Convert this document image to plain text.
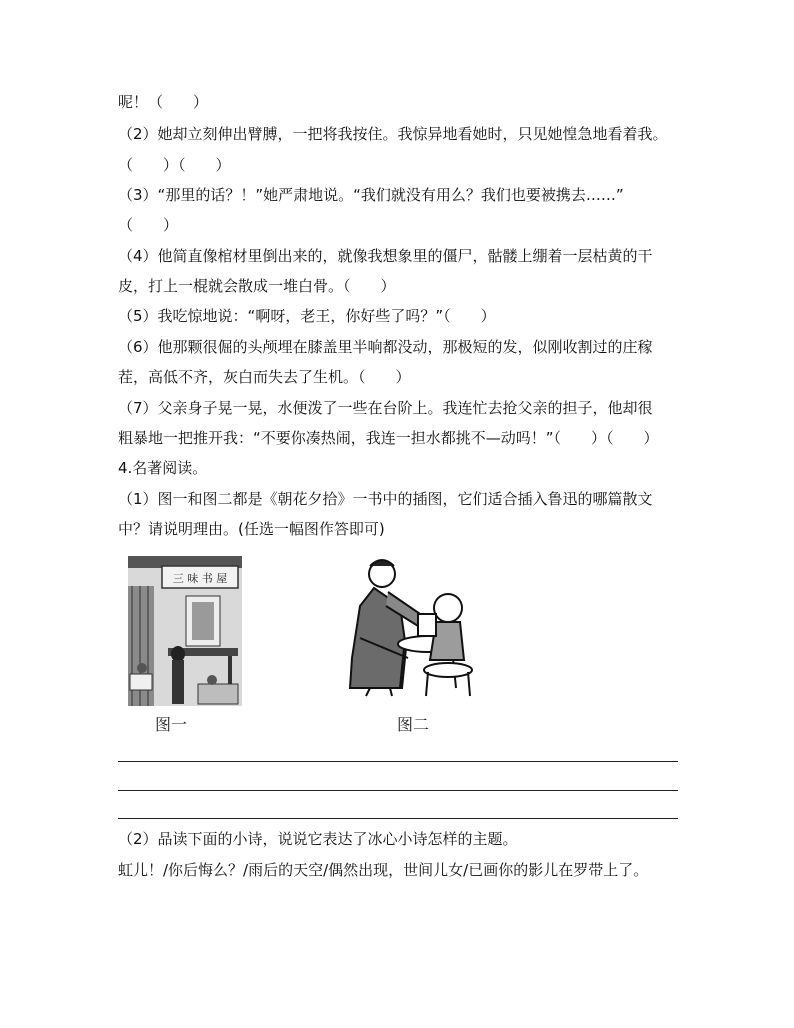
呢！（　　）
（2）她却立刻伸出臂膊，一把将我按住。我惊异地看她时，只见她惶急地看着我。
（　　）（　　）
（3）“那里的话？！”她严肃地说。“我们就没有用么？我们也要被携去……”
（　　）
（4）他简直像棺材里倒出来的，就像我想象里的僵尸，骷髅上绷着一层枯黄的干
皮，打上一棍就会散成一堆白骨。（　　）
（5）我吃惊地说：“啊呀，老王，你好些了吗？”（　　）
（6）他那颗很倔的头颅埋在膝盖里半响都没动，那极短的发，似刚收割过的庄稼
茬，高低不齐，灰白而失去了生机。（　　）
（7）父亲身子晃一晃，水便泼了一些在台阶上。我连忙去抢父亲的担子，他却很
粗暴地一把推开我：“不要你凑热闹，我连一担水都挑不—动吗！”（　　）（　　）
4.名著阅读。
（1）图一和图二都是《朝花夕拾》一书中的插图，它们适合插入鲁迅的哪篇散文
中？请说明理由。(任选一幅图作答即可)
三 味 书 屋
图一	图二
（2）品读下面的小诗，说说它表达了冰心小诗怎样的主题。
虹儿！/你后悔么？/雨后的天空/偶然出现，世间儿女/已画你的影儿在罗带上了。
